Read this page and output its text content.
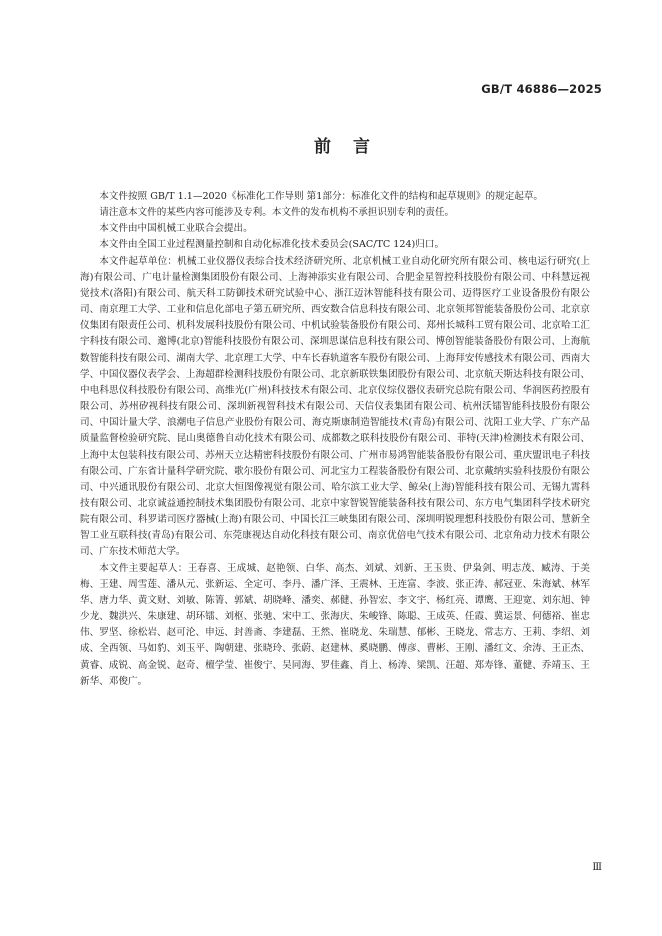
GB/T 46886—2025
前言

本文件按照 GB/T 1.1—2020《标准化工作导则 第1部分：标准化文件的结构和起草规则》的规定起草。

请注意本文件的某些内容可能涉及专利。本文件的发布机构不承担识别专利的责任。

本文件由中国机械工业联合会提出。

本文件由全国工业过程测量控制和自动化标准化技术委员会(SAC/TC 124)归口。

本文件起草单位：机械工业仪器仪表综合技术经济研究所、北京机械工业自动化研究所有限公司、核电运行研究(上海)有限公司、广电计量检测集团股份有限公司、上海神添实业有限公司、合肥金星智控科技股份有限公司、中科慧远视觉技术(洛阳)有限公司、航天科工防御技术研究试验中心、浙江迈沐智能科技有限公司、迈得医疗工业设备股份有限公司、南京理工大学、工业和信息化部电子第五研究所、西安数合信息科技有限公司、北京领邦智能装备股份公司、北京京仪集团有限责任公司、机科发展科技股份有限公司、中机试验装备股份有限公司、郑州长城科工贸有限公司、北京哈工汇宇科技有限公司、邀博(北京)智能科技股份有限公司、深圳思谋信息科技有限公司、博创智能装备股份有限公司、上海航数智能科技有限公司、湖南大学、北京理工大学、中车长春轨道客车股份有限公司、上海拜安传感技术有限公司、西南大学、中国仪器仪表学会、上海超群检测科技股份有限公司、北京新联铁集团股份有限公司、北京航天斯达科技有限公司、中电科思仪科技股份有限公司、高维光(广州)科技技术有限公司、北京仪综仪器仪表研究总院有限公司、华润医药控股有限公司、苏州矽视科技有限公司、深圳新视智科技术有限公司、天信仪表集团有限公司、杭州沃镭智能科技股份有限公司、中国计量大学、浪潮电子信息产业股份有限公司、海克斯康制造智能技术(青岛)有限公司、沈阳工业大学、广东产品质量监督检验研究院、昆山奥德鲁自动化技术有限公司、成都数之联科技股份有限公司、菲特(天津)检测技术有限公司、上海中太包装科技有限公司、苏州天立达精密科技股份有限公司、广州市易鸿智能装备股份有限公司、重庆盟讯电子科技有限公司、广东省计量科学研究院、歌尔股份有限公司、河北宝力工程装备股份有限公司、北京戴纳实验科技股份有限公司、中兴通讯股份有限公司、北京大恒图像视觉有限公司、哈尔滨工业大学、鲸朵(上海)智能科技有限公司、无锡九霄科技有限公司、北京诚益通控制技术集团股份有限公司、北京中家智锐智能装备科技有限公司、东方电气集团科学技术研究院有限公司、科罗诺司医疗器械(上海)有限公司、中国长江三峡集团有限公司、深圳明锐理想科技股份有限公司、慧新全智工业互联科技(青岛)有限公司、东莞康视达自动化科技有限公司、南京优倍电气技术有限公司、北京角动力技术有限公司、广东技术师范大学。

本文件主要起草人：王春喜、王成城、赵艳领、白华、高杰、刘斌、刘新、王玉贵、伊枭剑、明志茂、臧涛、于美梅、王建、周雪莲、潘从元、张新运、全定可、李丹、潘广泽、王震林、王连富、李波、张正涛、郝冠亚、朱海斌、林军华、唐力华、黄文财、刘敏、陈箐、郭斌、胡晓峰、潘奕、郝健、孙智宏、李文宇、杨红亮、谭鹰、王迎宽、刘东旭、钟少龙、魏洪兴、朱康建、胡环镭、刘枢、张驰、宋中工、张海庆、朱峻锋、陈聪、王成英、任霞、冀运景、何德裕、崔忠伟、罗坚、徐松岩、赵可沦、申远、封善斋、李建磊、王然、崔晓龙、朱瑞慧、郁彬、王晓龙、常志方、王莉、李绍、刘成、全西领、马如豹、刘玉平、陶朝建、张晓玲、张蔚、赵建林、奚晓鹏、傅彦、曹彬、王刚、潘红文、余涛、王正杰、黄睿、成锐、高金锐、赵奇、檀学莹、崔俊宁、吴同海、罗佳鑫、肖上、杨涛、梁凯、汪超、郑寿锋、董健、乔靖玉、王新华、邓俊广。

Ⅲ
